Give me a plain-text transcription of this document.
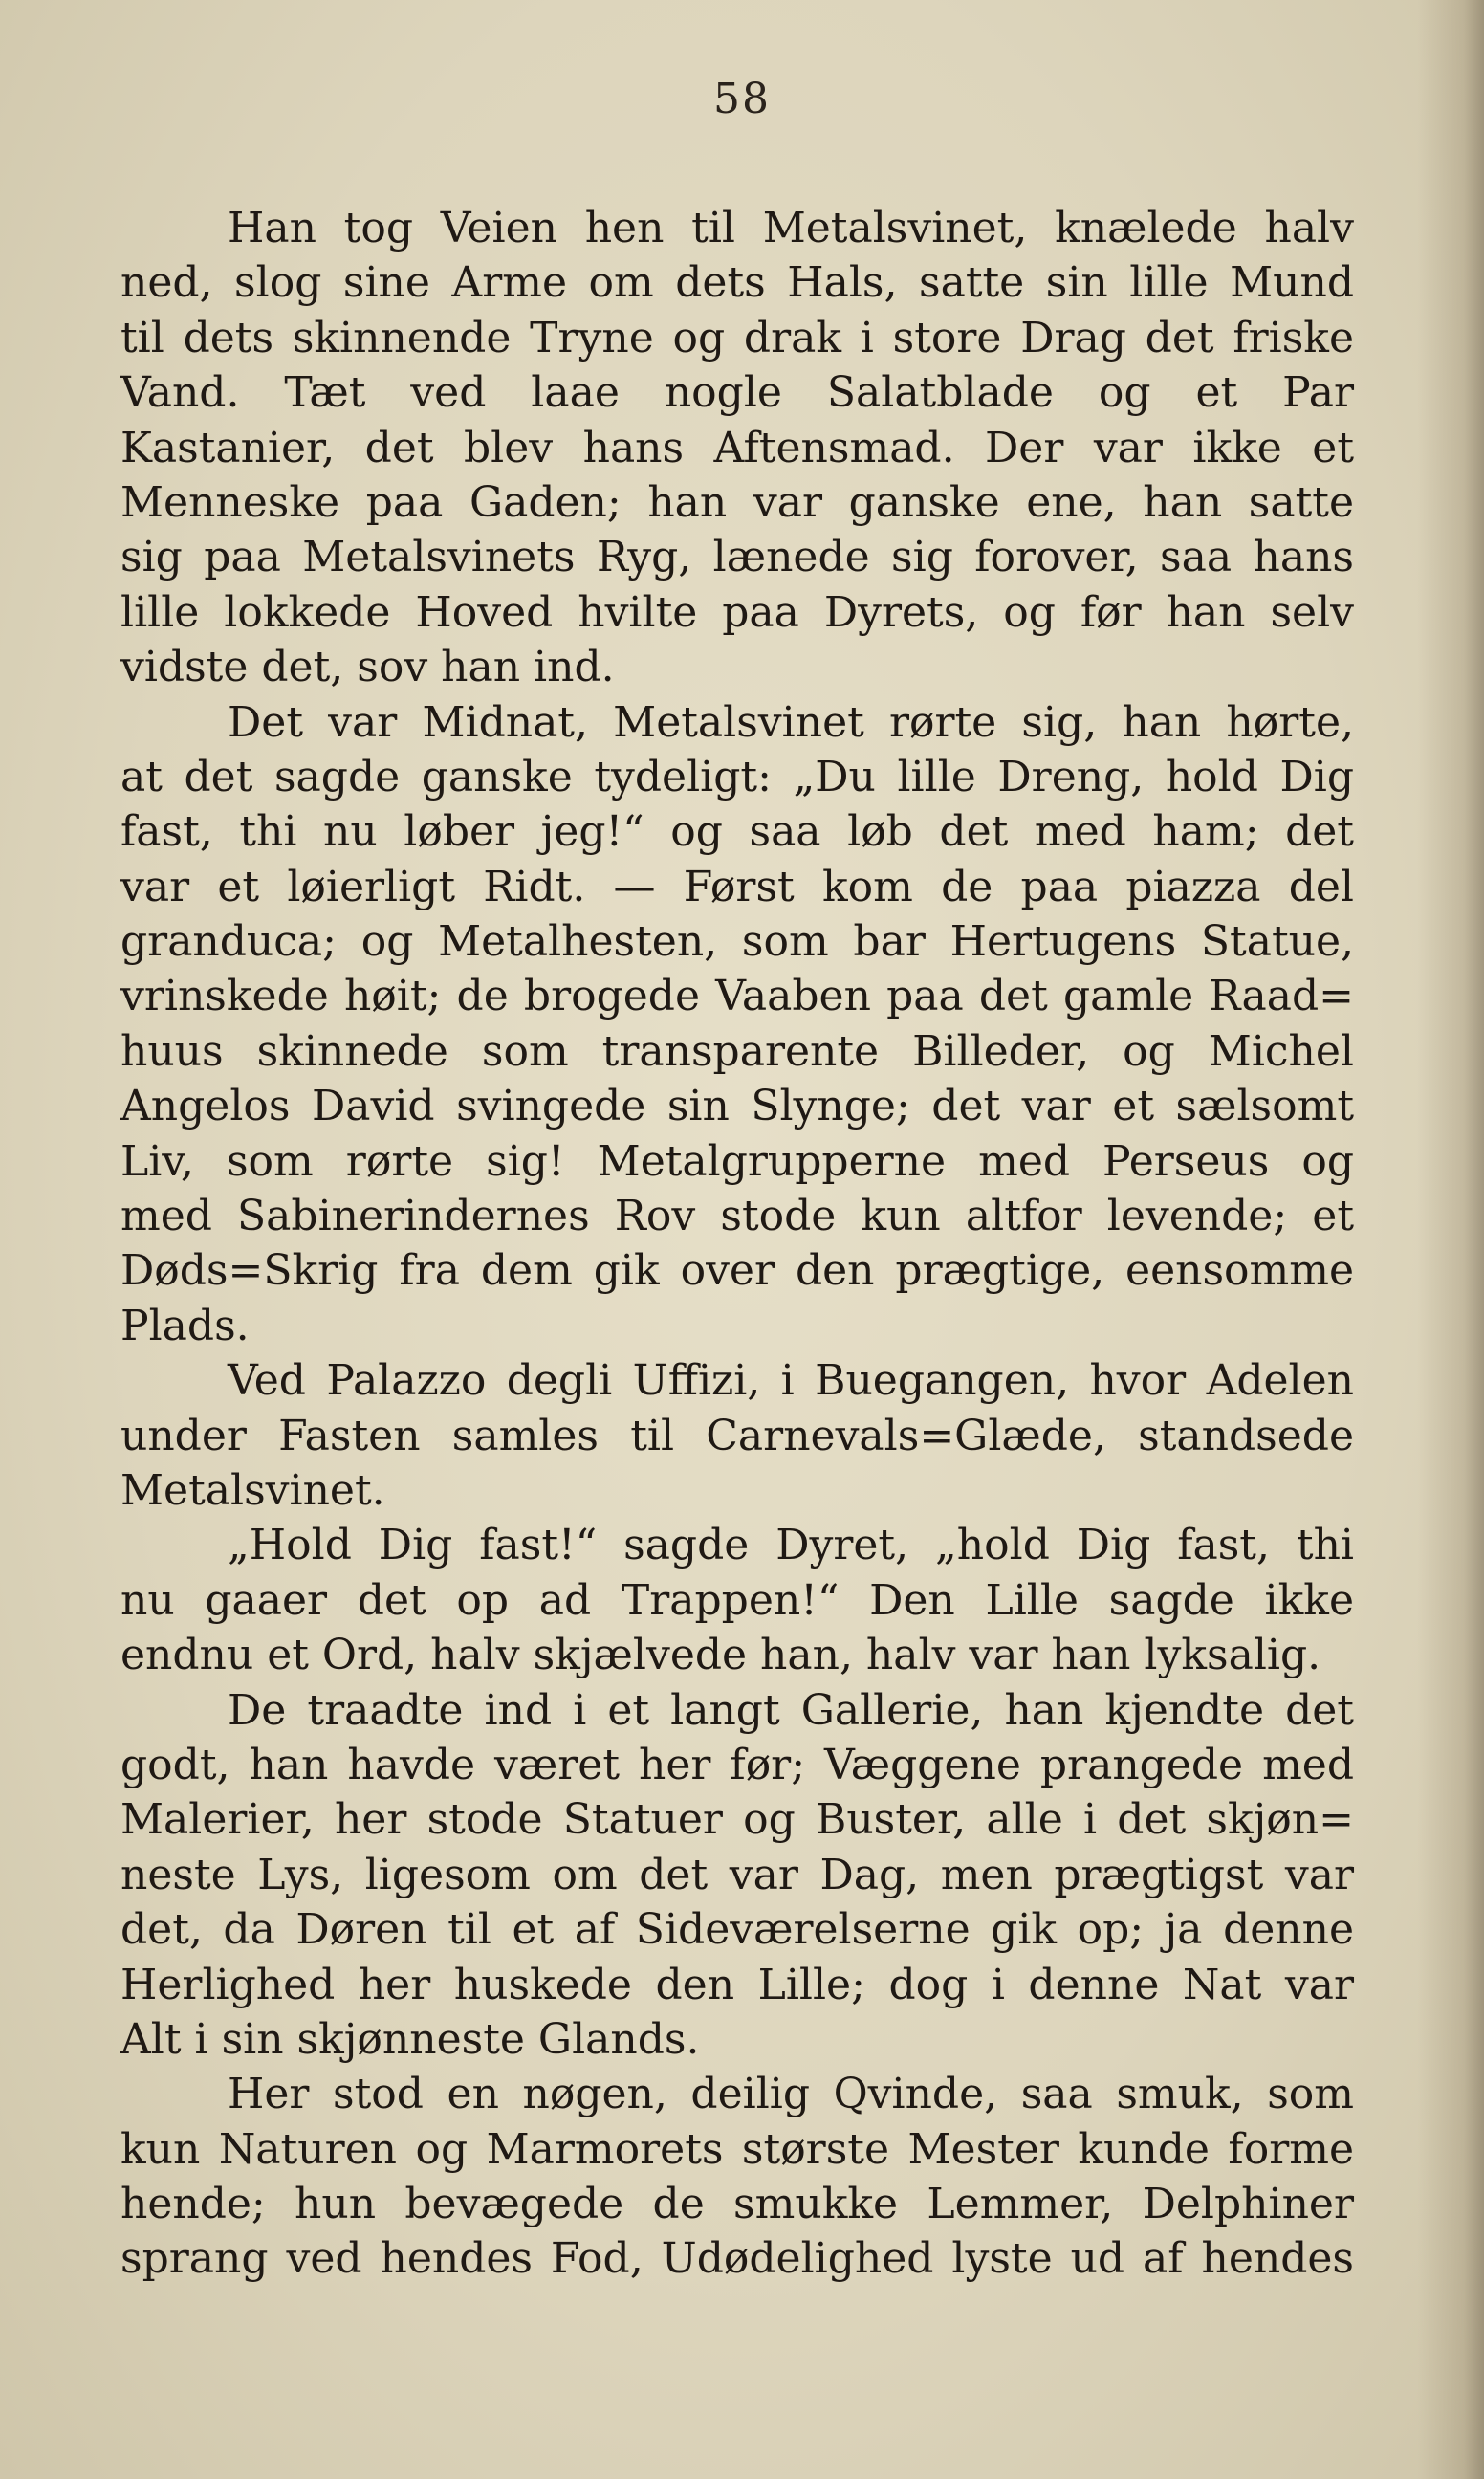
58
Han tog Veien hen til Metalsvinet, knælede halv
ned, slog sine Arme om dets Hals, satte sin lille Mund
til dets skinnende Tryne og drak i store Drag det friske
Vand. Tæt ved laae nogle Salatblade og et Par
Kastanier, det blev hans Aftensmad. Der var ikke et
Menneske paa Gaden; han var ganske ene, han satte
sig paa Metalsvinets Ryg, lænede sig forover, saa hans
lille lokkede Hoved hvilte paa Dyrets, og før han selv
vidste det, sov han ind.
Det var Midnat, Metalsvinet rørte sig, han hørte,
at det sagde ganske tydeligt: „Du lille Dreng, hold Dig
fast, thi nu løber jeg!“ og saa løb det med ham; det
var et løierligt Ridt. — Først kom de paa piazza del
granduca; og Metalhesten, som bar Hertugens Statue,
vrinskede høit; de brogede Vaaben paa det gamle Raad=
huus skinnede som transparente Billeder, og Michel
Angelos David svingede sin Slynge; det var et sælsomt
Liv, som rørte sig! Metalgrupperne med Perseus og
med Sabinerindernes Rov stode kun altfor levende; et
Døds=Skrig fra dem gik over den prægtige, eensomme
Plads.
Ved Palazzo degli Uffizi, i Buegangen, hvor Adelen
under Fasten samles til Carnevals=Glæde, standsede
Metalsvinet.
„Hold Dig fast!“ sagde Dyret, „hold Dig fast, thi
nu gaaer det op ad Trappen!“ Den Lille sagde ikke
endnu et Ord, halv skjælvede han, halv var han lyksalig.
De traadte ind i et langt Gallerie, han kjendte det
godt, han havde været her før; Væggene prangede med
Malerier, her stode Statuer og Buster, alle i det skjøn=
neste Lys, ligesom om det var Dag, men prægtigst var
det, da Døren til et af Sideværelserne gik op; ja denne
Herlighed her huskede den Lille; dog i denne Nat var
Alt i sin skjønneste Glands.
Her stod en nøgen, deilig Qvinde, saa smuk, som
kun Naturen og Marmorets største Mester kunde forme
hende; hun bevægede de smukke Lemmer, Delphiner
sprang ved hendes Fod, Udødelighed lyste ud af hendes
